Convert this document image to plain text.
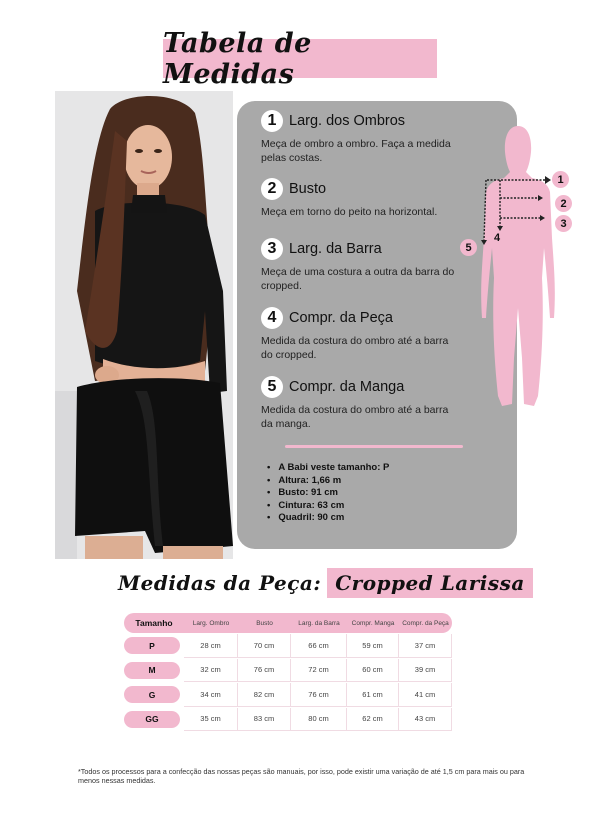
Tabela de Medidas
1 Larg. dos Ombros
Meça de ombro a ombro. Faça a medida pelas costas.
2 Busto
Meça em torno do peito na horizontal.
3 Larg. da Barra
Meça de uma costura a outra da barra do cropped.
4 Compr. da Peça
Medida da costura do ombro até a barra do cropped.
5 Compr. da Manga
Medida da costura do ombro até a barra da manga.
• A Babi veste tamanho: P
• Altura: 1,66 m
• Busto: 91 cm
• Cintura: 63 cm
• Quadril: 90 cm
1
2
3
4
5
Medidas da Peça: Cropped Larissa
Tamanho	Larg. Ombro	Busto	Larg. da Barra	Compr. Manga	Compr. da Peça
P	28 cm	70 cm	66 cm	59 cm	37 cm
M	32 cm	76 cm	72 cm	60 cm	39 cm
G	34 cm	82 cm	76 cm	61 cm	41 cm
GG	35 cm	83 cm	80 cm	62 cm	43 cm

*Todos os processos para a confecção das nossas peças são manuais, por isso, pode existir uma variação de até 1,5 cm para mais ou para menos nessas medidas.
